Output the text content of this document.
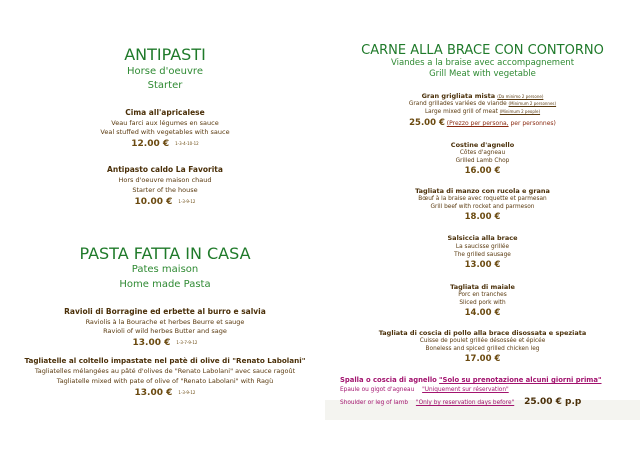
ANTIPASTI
Horse d'oeuvre
Starter
Cima all'apricalese
Veau farci aux légumes en sauce
Veal stuffed with vegetables with sauce
12.00 € 1-3-4-10-12
Antipasto caldo La Favorita
Hors d'oeuvre maison chaud
Starter of the house
10.00 € 1-3-9-12
PASTA FATTA IN CASA
Pates maison
Home made Pasta
Ravioli di Borragine ed erbette al burro e salvia
Raviolis à la Bourache et herbes Beurre et sauge
Ravioli of wild herbes Butter and sage
13.00 € 1-3-7-9-12
Tagliatelle al coltello impastate nel patè di olive di "Renato Labolani"
Tagliatelles mélangées au pâté d'olives de "Renato Labolani" avec sauce ragoût
Tagliatelle mixed with pate of olive of "Renato Labolani" with Ragù
13.00 € 1-3-9-12
CARNE ALLA BRACE CON CONTORNO
Viandes a la braise avec accompagnement
Grill Meat with vegetable
Gran grigliata mista (Da minimo 2 persone)
Grand grillades variées de viande (Minimum 2 personnes)
Large mixed grill of meat (Minimum 2 people)
25.00 € (Prezzo per persona, per personnes)
Costine d'agnello
Côtes d'agneau
Grilled Lamb Chop
16.00 €
Tagliata di manzo con rucola e grana
Bœuf à la braise avec roquette et parmesan
Grill beef with rocket and parmeson
18.00 €
Salsiccia alla brace
La saucisse grillée
The grilled sausage
13.00 €
Tagliata di maiale
Porc en tranches
Sliced pork with
14.00 €
Tagliata di coscia di pollo alla brace disossata e speziata
Cuisse de poulet grillée désossée et épicée
Boneless and spiced grilled chicken leg
17.00 €
Spalla o coscia di agnello "Solo su prenotazione alcuni giorni prima"
Epaule ou gigot d'agneau "Uniquement sur réservation"
Shoulder or leg of lamb "Only by reservation days before" 25.00 € p.p
